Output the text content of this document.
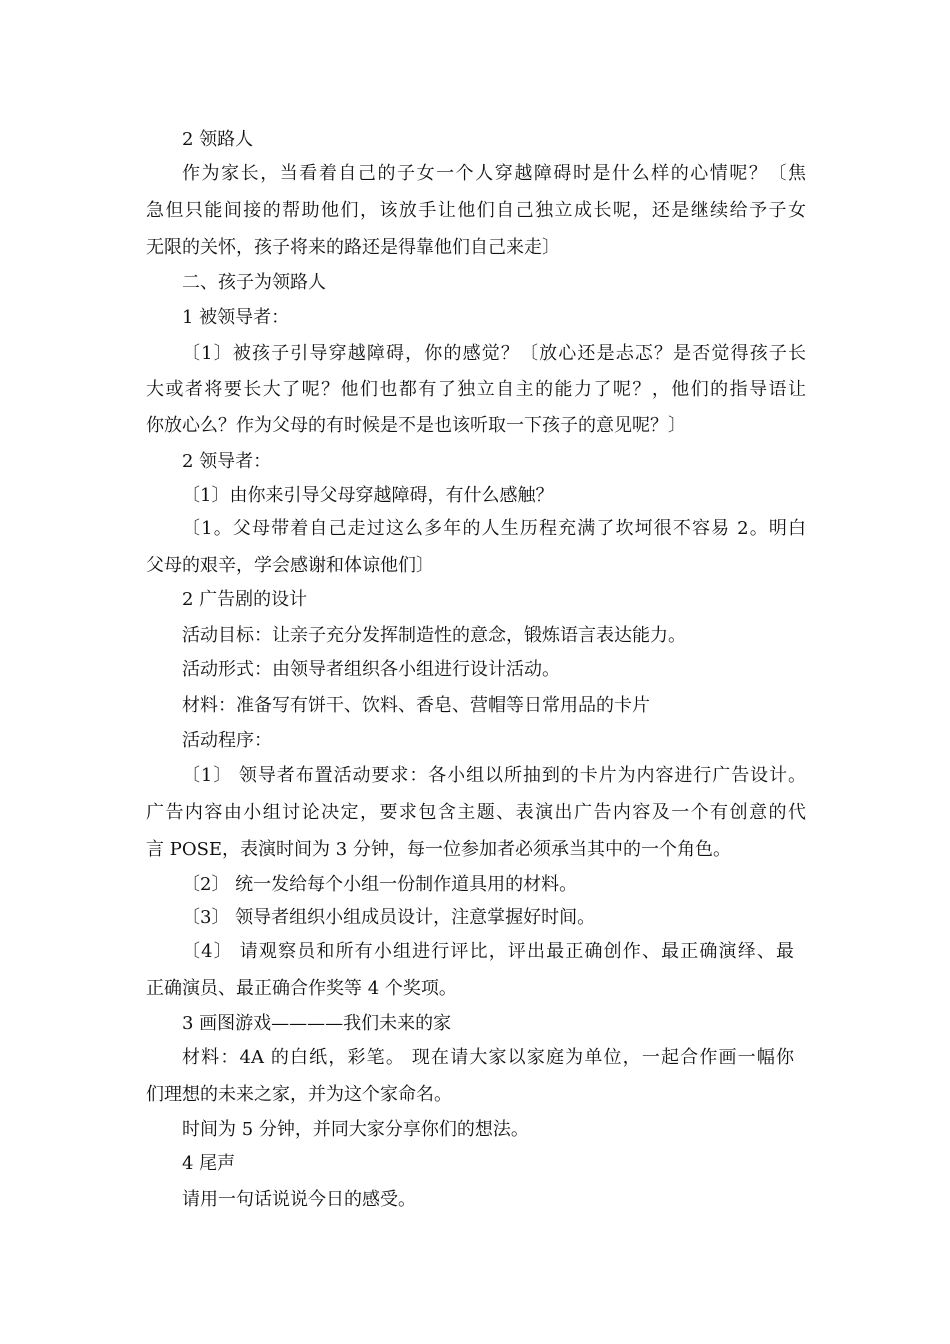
2 领路人
作为家长，当看着自己的子女一个人穿越障碍时是什么样的心情呢？〔焦
急但只能间接的帮助他们，该放手让他们自己独立成长呢，还是继续给予子女
无限的关怀，孩子将来的路还是得靠他们自己来走〕
二、孩子为领路人
1 被领导者：
〔1〕被孩子引导穿越障碍，你的感觉？〔放心还是忐忑？是否觉得孩子长
大或者将要长大了呢？他们也都有了独立自主的能力了呢？，他们的指导语让
你放心么？作为父母的有时候是不是也该听取一下孩子的意见呢？〕
2 领导者：
〔1〕由你来引导父母穿越障碍，有什么感触？
〔1。父母带着自己走过这么多年的人生历程充满了坎坷很不容易 2。明白
父母的艰辛，学会感谢和体谅他们〕
2 广告剧的设计
活动目标：让亲子充分发挥制造性的意念，锻炼语言表达能力。
活动形式：由领导者组织各小组进行设计活动。
材料：准备写有饼干、饮料、香皂、营帽等日常用品的卡片
活动程序：
〔1〕 领导者布置活动要求：各小组以所抽到的卡片为内容进行广告设计。
广告内容由小组讨论决定，要求包含主题、表演出广告内容及一个有创意的代
言 POSE，表演时间为 3 分钟，每一位参加者必须承当其中的一个角色。
〔2〕 统一发给每个小组一份制作道具用的材料。
〔3〕 领导者组织小组成员设计，注意掌握好时间。
〔4〕 请观察员和所有小组进行评比，评出最正确创作、最正确演绎、最
正确演员、最正确合作奖等 4 个奖项。
3 画图游戏————我们未来的家
材料：4A 的白纸，彩笔。 现在请大家以家庭为单位，一起合作画一幅你
们理想的未来之家，并为这个家命名。
时间为 5 分钟，并同大家分享你们的想法。
4 尾声
请用一句话说说今日的感受。
